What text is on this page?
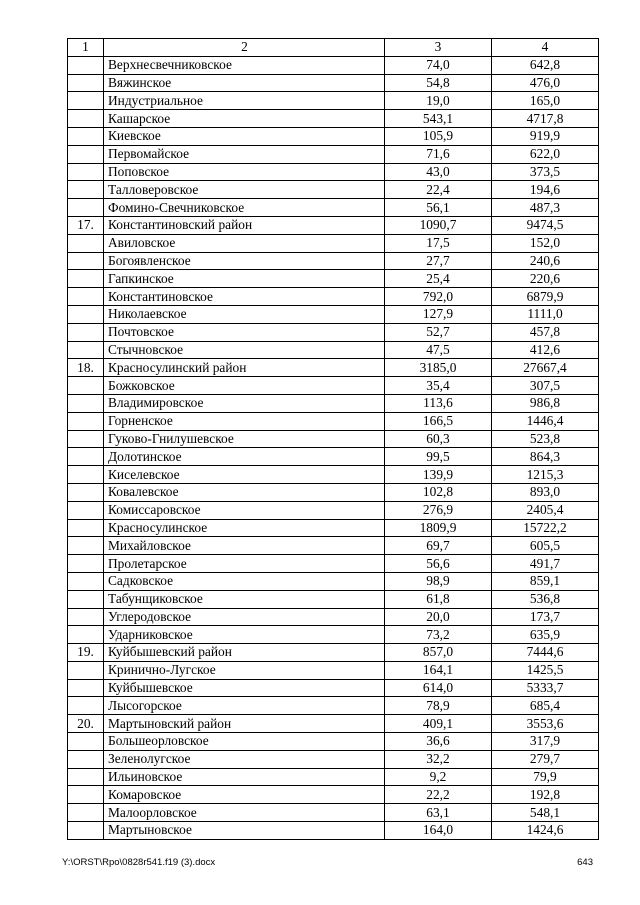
1	2	3	4
	Верхнесвечниковское	74,0	642,8
	Вяжинское	54,8	476,0
	Индустриальное	19,0	165,0
	Кашарское	543,1	4717,8
	Киевское	105,9	919,9
	Первомайское	71,6	622,0
	Поповское	43,0	373,5
	Талловеровское	22,4	194,6
	Фомино-Свечниковское	56,1	487,3
17.	Константиновский район	1090,7	9474,5
	Авиловское	17,5	152,0
	Богоявленское	27,7	240,6
	Гапкинское	25,4	220,6
	Константиновское	792,0	6879,9
	Николаевское	127,9	1111,0
	Почтовское	52,7	457,8
	Стычновское	47,5	412,6
18.	Красносулинский район	3185,0	27667,4
	Божковское	35,4	307,5
	Владимировское	113,6	986,8
	Горненское	166,5	1446,4
	Гуково-Гнилушевское	60,3	523,8
	Долотинское	99,5	864,3
	Киселевское	139,9	1215,3
	Ковалевское	102,8	893,0
	Комиссаровское	276,9	2405,4
	Красносулинское	1809,9	15722,2
	Михайловское	69,7	605,5
	Пролетарское	56,6	491,7
	Садковское	98,9	859,1
	Табунщиковское	61,8	536,8
	Углеродовское	20,0	173,7
	Ударниковское	73,2	635,9
19.	Куйбышевский район	857,0	7444,6
	Кринично-Лугское	164,1	1425,5
	Куйбышевское	614,0	5333,7
	Лысогорское	78,9	685,4
20.	Мартыновский район	409,1	3553,6
	Большеорловское	36,6	317,9
	Зеленолугское	32,2	279,7
	Ильиновское	9,2	79,9
	Комаровское	22,2	192,8
	Малоорловское	63,1	548,1
	Мартыновское	164,0	1424,6
Y:\ORST\Rpo\0828r541.f19 (3).docx	643
